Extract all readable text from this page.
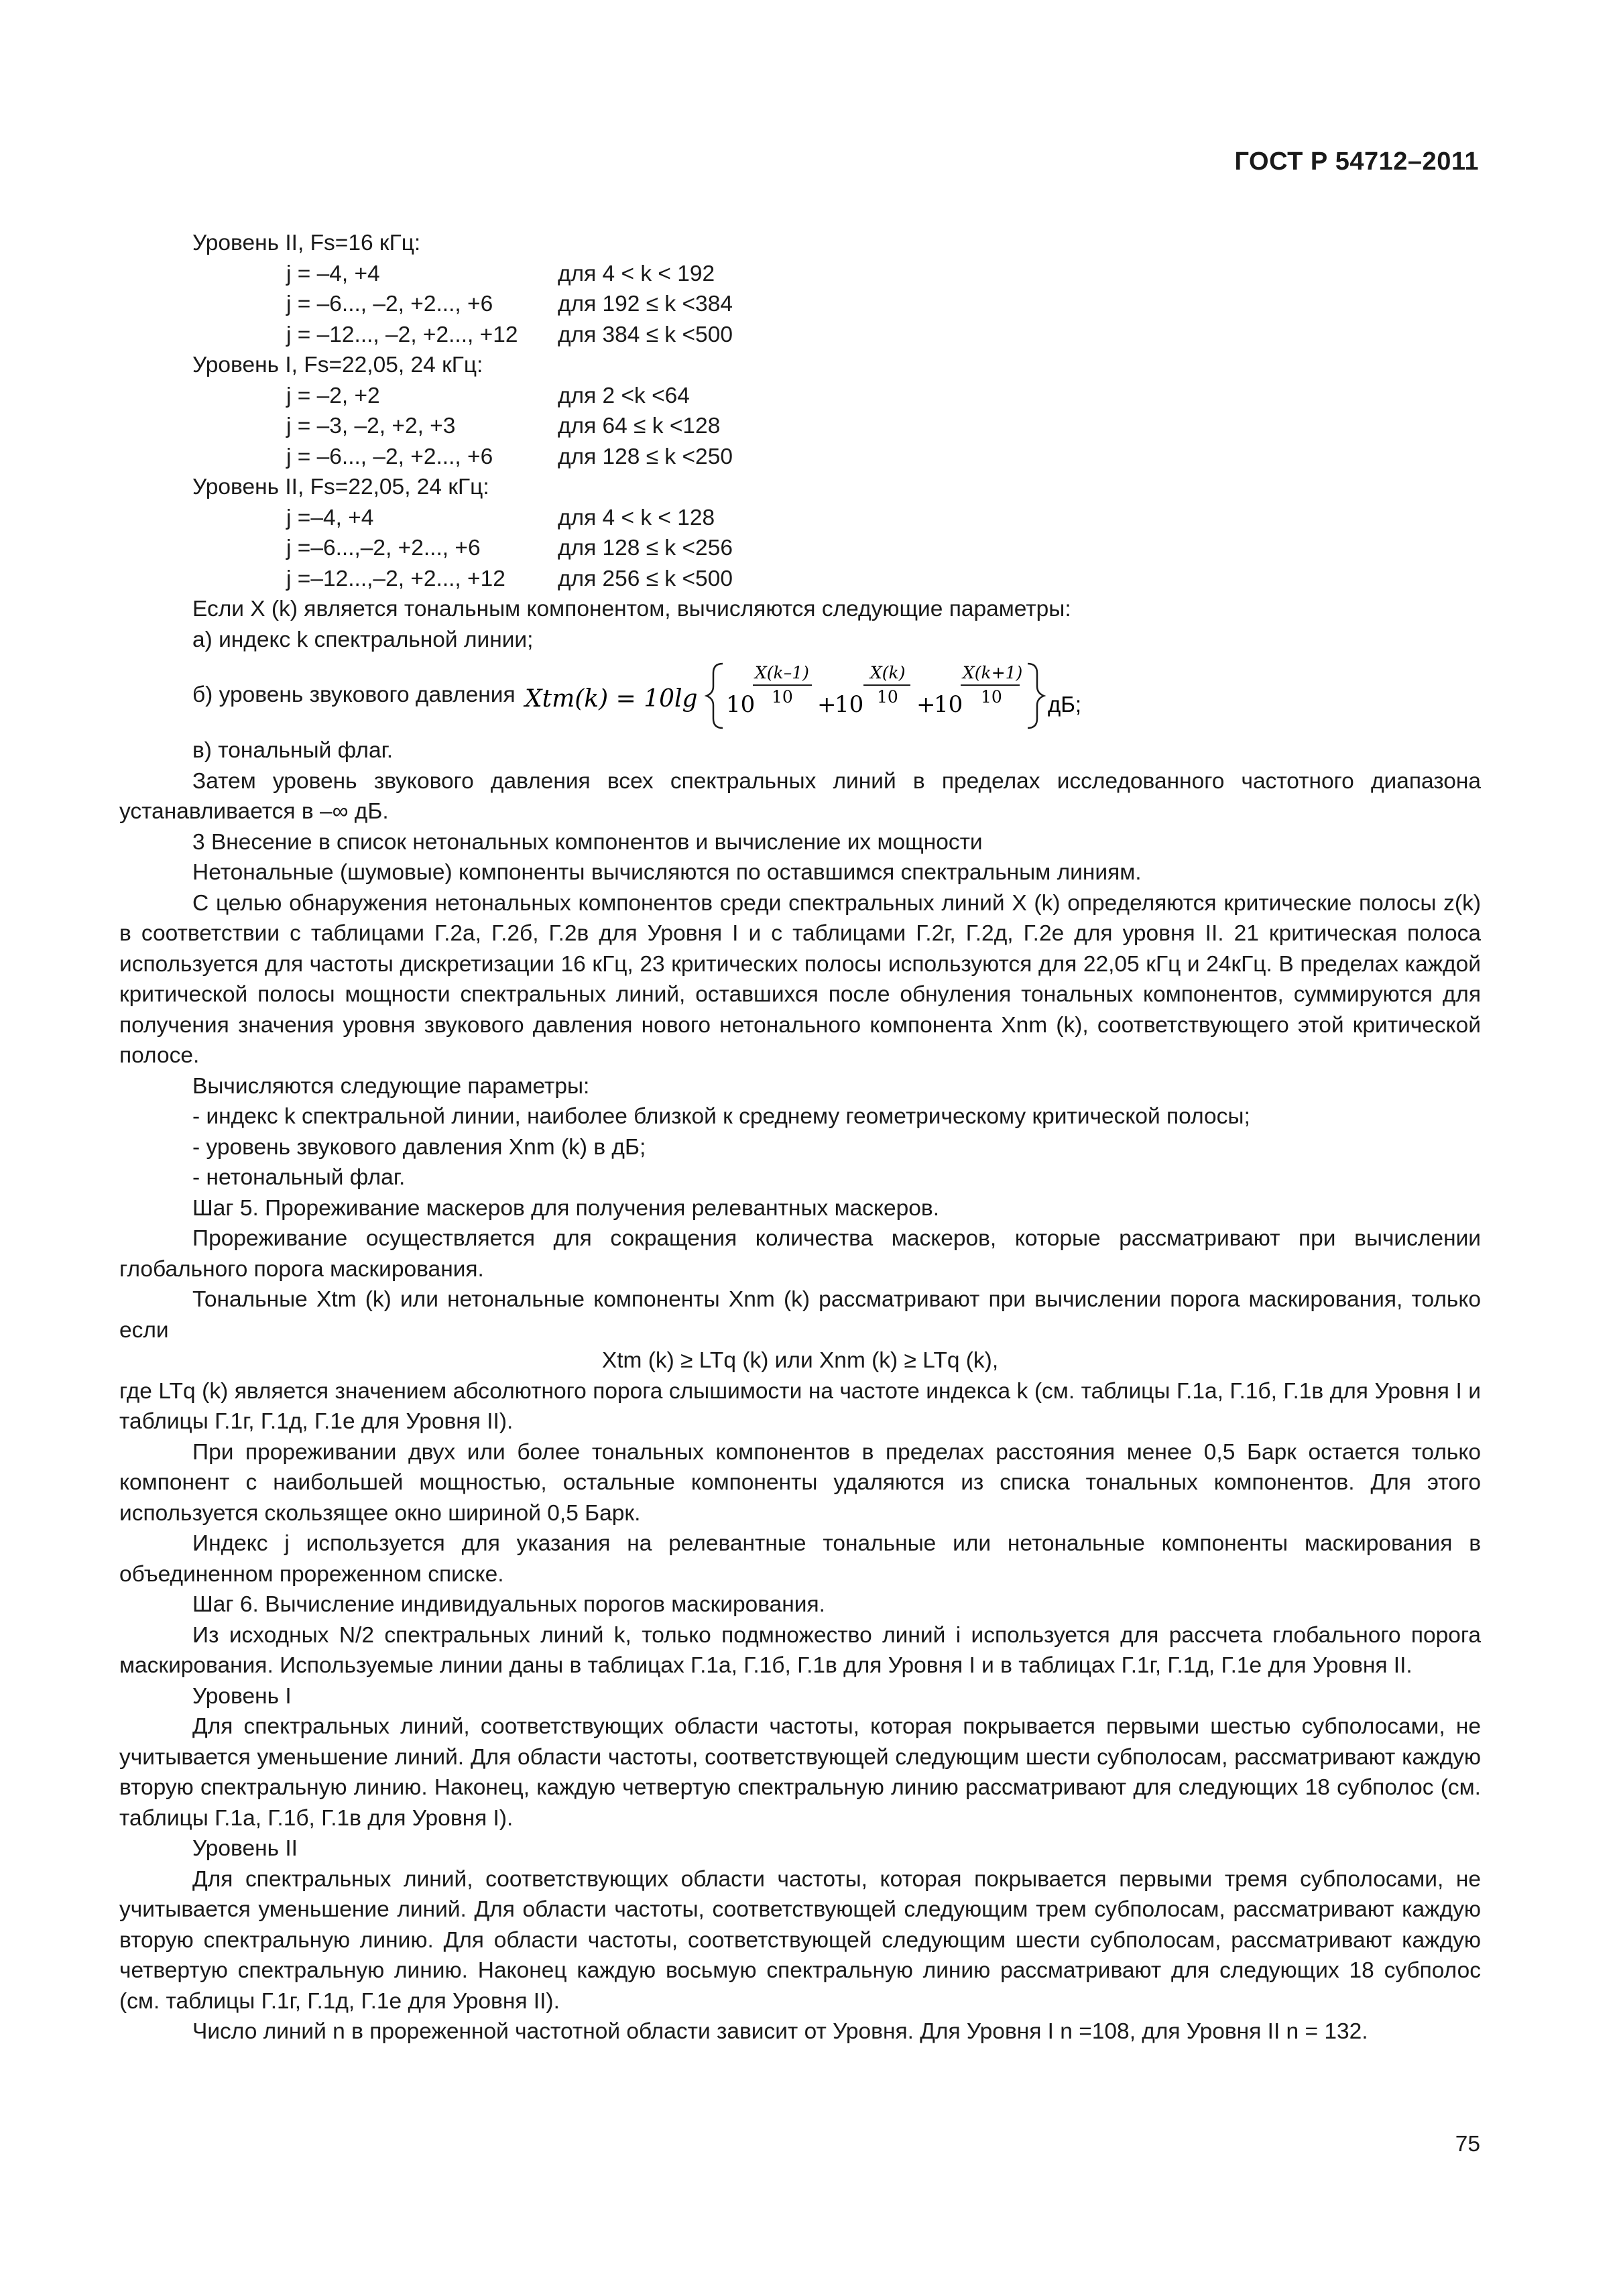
ГОСТ Р 54712–2011
Уровень II, Fs=16 кГц:
j = –4, +4	для 4 < k < 192
j = –6..., –2, +2..., +6	для 192 ≤ k <384
j = –12..., –2, +2..., +12	для 384 ≤ k <500
Уровень I, Fs=22,05, 24 кГц:
j = –2, +2	для 2 <k <64
j = –3, –2, +2, +3	для 64 ≤ k <128
j = –6..., –2, +2..., +6	для 128 ≤ k <250
Уровень II, Fs=22,05, 24 кГц:
j =–4, +4	для 4 < k < 128
j =–6...,–2, +2..., +6	для 128 ≤ k <256
j =–12...,–2, +2..., +12	для 256 ≤ k <500
Если X (k) является тональным компонентом, вычисляются следующие параметры:
а) индекс k спектральной линии;
б) уровень звукового давления Xtm(k) = 10lg 10
X(k–1)
10 +
10
X(k)
10 +
10
X(k+1)
10 дБ;
в) тональный флаг.

Затем уровень звукового давления всех спектральных линий в пределах исследованного частотного диапазона устанавливается в –∞ дБ.

3 Внесение в список нетональных компонентов и вычисление их мощности

Нетональные (шумовые) компоненты вычисляются по оставшимся спектральным линиям.

С целью обнаружения нетональных компонентов среди спектральных линий X (k) определяются критические полосы z(k) в соответствии с таблицами Г.2а, Г.2б, Г.2в для Уровня I и с таблицами Г.2г, Г.2д, Г.2е для уровня II. 21 критическая полоса используется для частоты дискретизации 16 кГц, 23 критических полосы используются для 22,05 кГц и 24кГц. В пределах каждой критической полосы мощности спектральных линий, оставшихся после обнуления тональных компонентов, суммируются для получения значения уровня звукового давления нового нетонального компонента Xnm (k), соответствующего этой критической полосе.

Вычисляются следующие параметры:

- индекс k спектральной линии, наиболее близкой к среднему геометрическому критической полосы;

- уровень звукового давления Xnm (k) в дБ;

- нетональный флаг.

Шаг 5. Прореживание маскеров для получения релевантных маскеров.

Прореживание осуществляется для сокращения количества маскеров, которые рассматривают при вычислении глобального порога маскирования.

Тональные Xtm (k) или нетональные компоненты Xnm (k) рассматривают при вычислении порога маскирования, только если

Xtm (k) ≥ LTq (k) или Xnm (k) ≥ LTq (k),

где LTq (k) является значением абсолютного порога слышимости на частоте индекса k (см. таблицы Г.1а, Г.1б, Г.1в для Уровня I и таблицы Г.1г, Г.1д, Г.1е для Уровня II).

При прореживании двух или более тональных компонентов в пределах расстояния менее 0,5 Барк остается только компонент с наибольшей мощностью, остальные компоненты удаляются из списка тональных компонентов. Для этого используется скользящее окно шириной 0,5 Барк.

Индекс j используется для указания на релевантные тональные или нетональные компоненты маскирования в объединенном прореженном списке.

Шаг 6. Вычисление индивидуальных порогов маскирования.

Из исходных N/2 спектральных линий k, только подмножество линий i используется для рассчета глобального порога маскирования. Используемые линии даны в таблицах Г.1а, Г.1б, Г.1в для Уровня I и в таблицах Г.1г, Г.1д, Г.1е для Уровня II.

Уровень I

Для спектральных линий, соответствующих области частоты, которая покрывается первыми шестью субполосами, не учитывается уменьшение линий. Для области частоты, соответствующей следующим шести субполосам, рассматривают каждую вторую спектральную линию. Наконец, каждую четвертую спектральную линию рассматривают для следующих 18 субполос (см. таблицы Г.1а, Г.1б, Г.1в для Уровня I).

Уровень II

Для спектральных линий, соответствующих области частоты, которая покрывается первыми тремя субполосами, не учитывается уменьшение линий. Для области частоты, соответствующей следующим трем субполосам, рассматривают каждую вторую спектральную линию. Для области частоты, соответствующей следующим шести субполосам, рассматривают каждую четвертую спектральную линию. Наконец каждую восьмую спектральную линию рассматривают для следующих 18 субполос (см. таблицы Г.1г, Г.1д, Г.1е для Уровня II).

Число линий n в прореженной частотной области зависит от Уровня. Для Уровня I n =108, для Уровня II n = 132.

75
